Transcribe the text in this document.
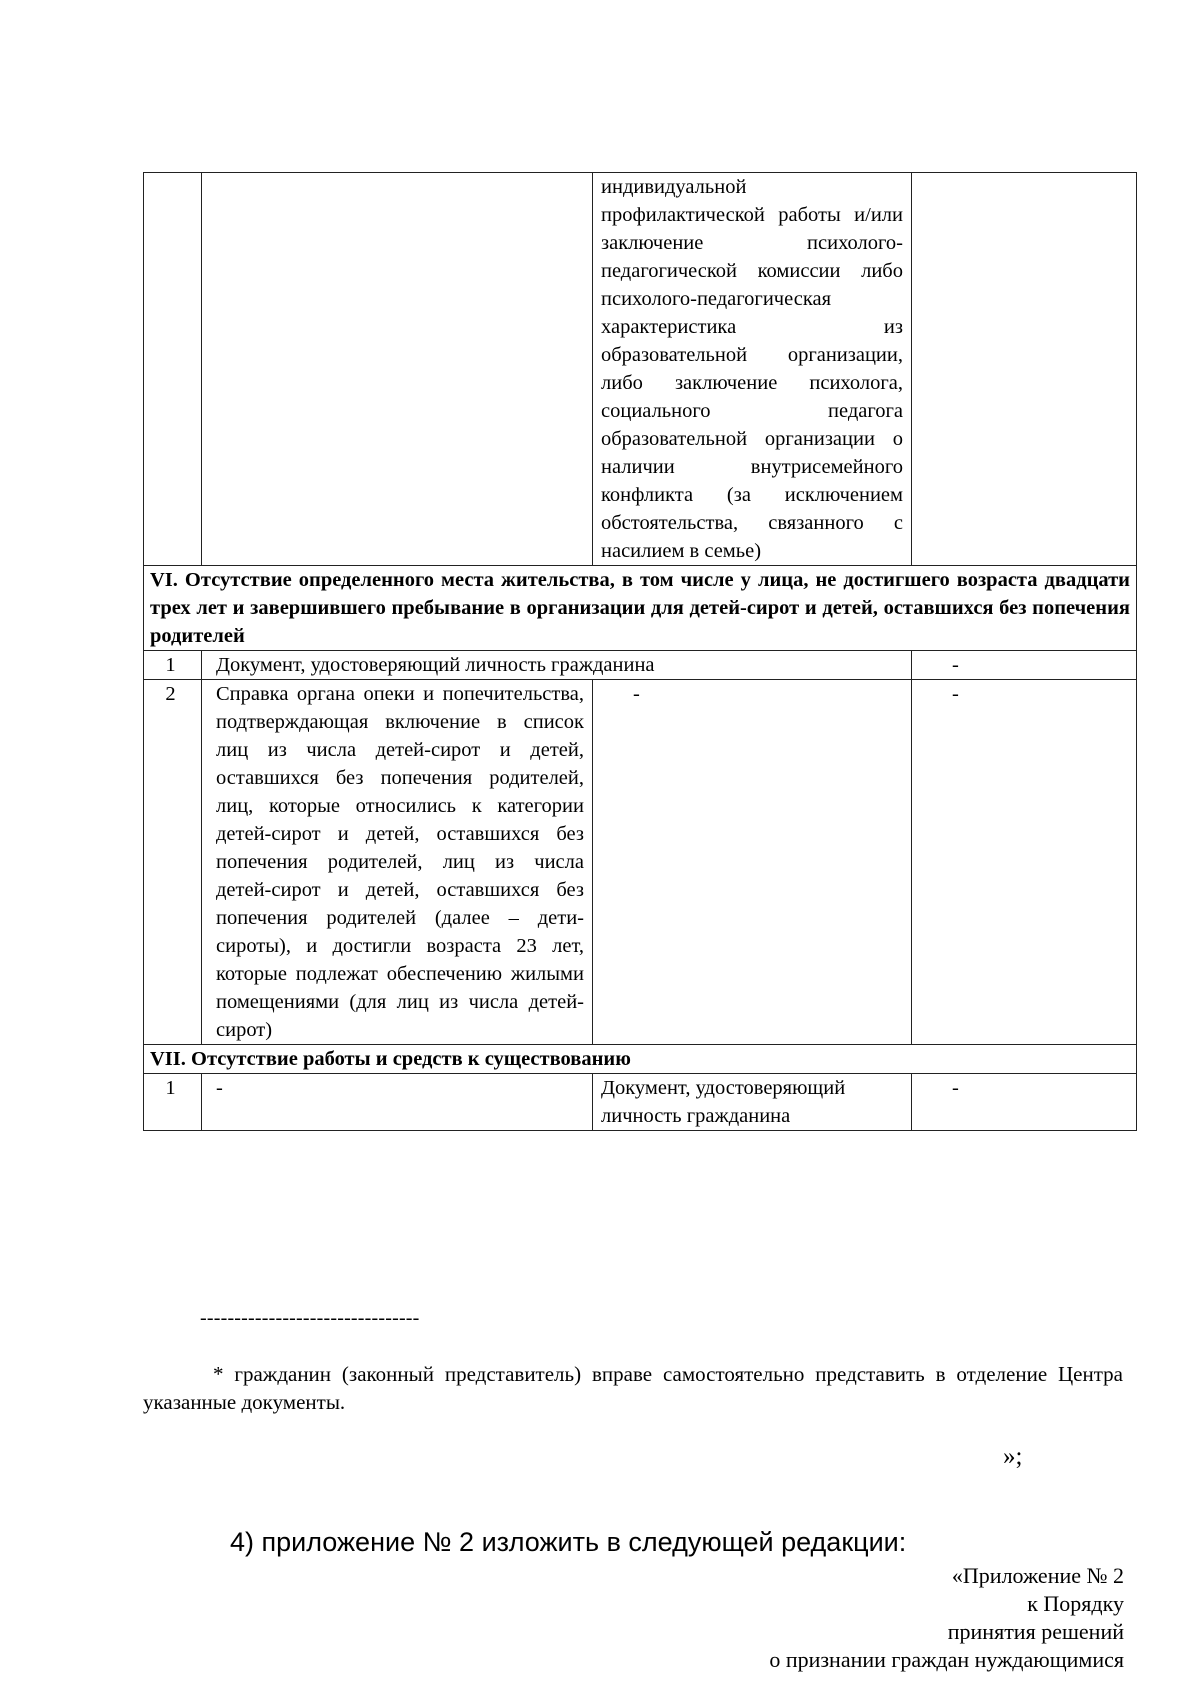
		индивидуальной профилактической работы и/или заключение психолого-педагогической комиссии либо психолого-педагогическая характеристика из образовательной организации, либо заключение психолога, социального педагога образовательной организации о наличии внутрисемейного конфликта (за исключением обстоятельства, связанного с насилием в семье)	
VI. Отсутствие определенного места жительства, в том числе у лица, не достигшего возраста двадцати трех лет и завершившего пребывание в организации для детей-сирот и детей, оставшихся без попечения родителей			
1	Документ, удостоверяющий личность гражданина		-
2	Справка органа опеки и попечительства, подтверждающая включение в список лиц из числа детей-сирот и детей, оставшихся без попечения родителей, лиц, которые относились к категории детей-сирот и детей, оставшихся без попечения родителей, лиц из числа детей-сирот и детей, оставшихся без попечения родителей (далее – дети-сироты), и достигли возраста 23 лет, которые подлежат обеспечению жилыми помещениями (для лиц из числа детей-сирот)	-	-
VII. Отсутствие работы и средств к существованию			
1	-	Документ, удостоверяющий личность гражданина	-
--------------------------------
* гражданин (законный представитель) вправе самостоятельно представить в отделение Центра указанные документы.
»;
4) приложение № 2 изложить в следующей редакции:
«Приложение № 2
к Порядку
принятия решений
о признании граждан нуждающимися
